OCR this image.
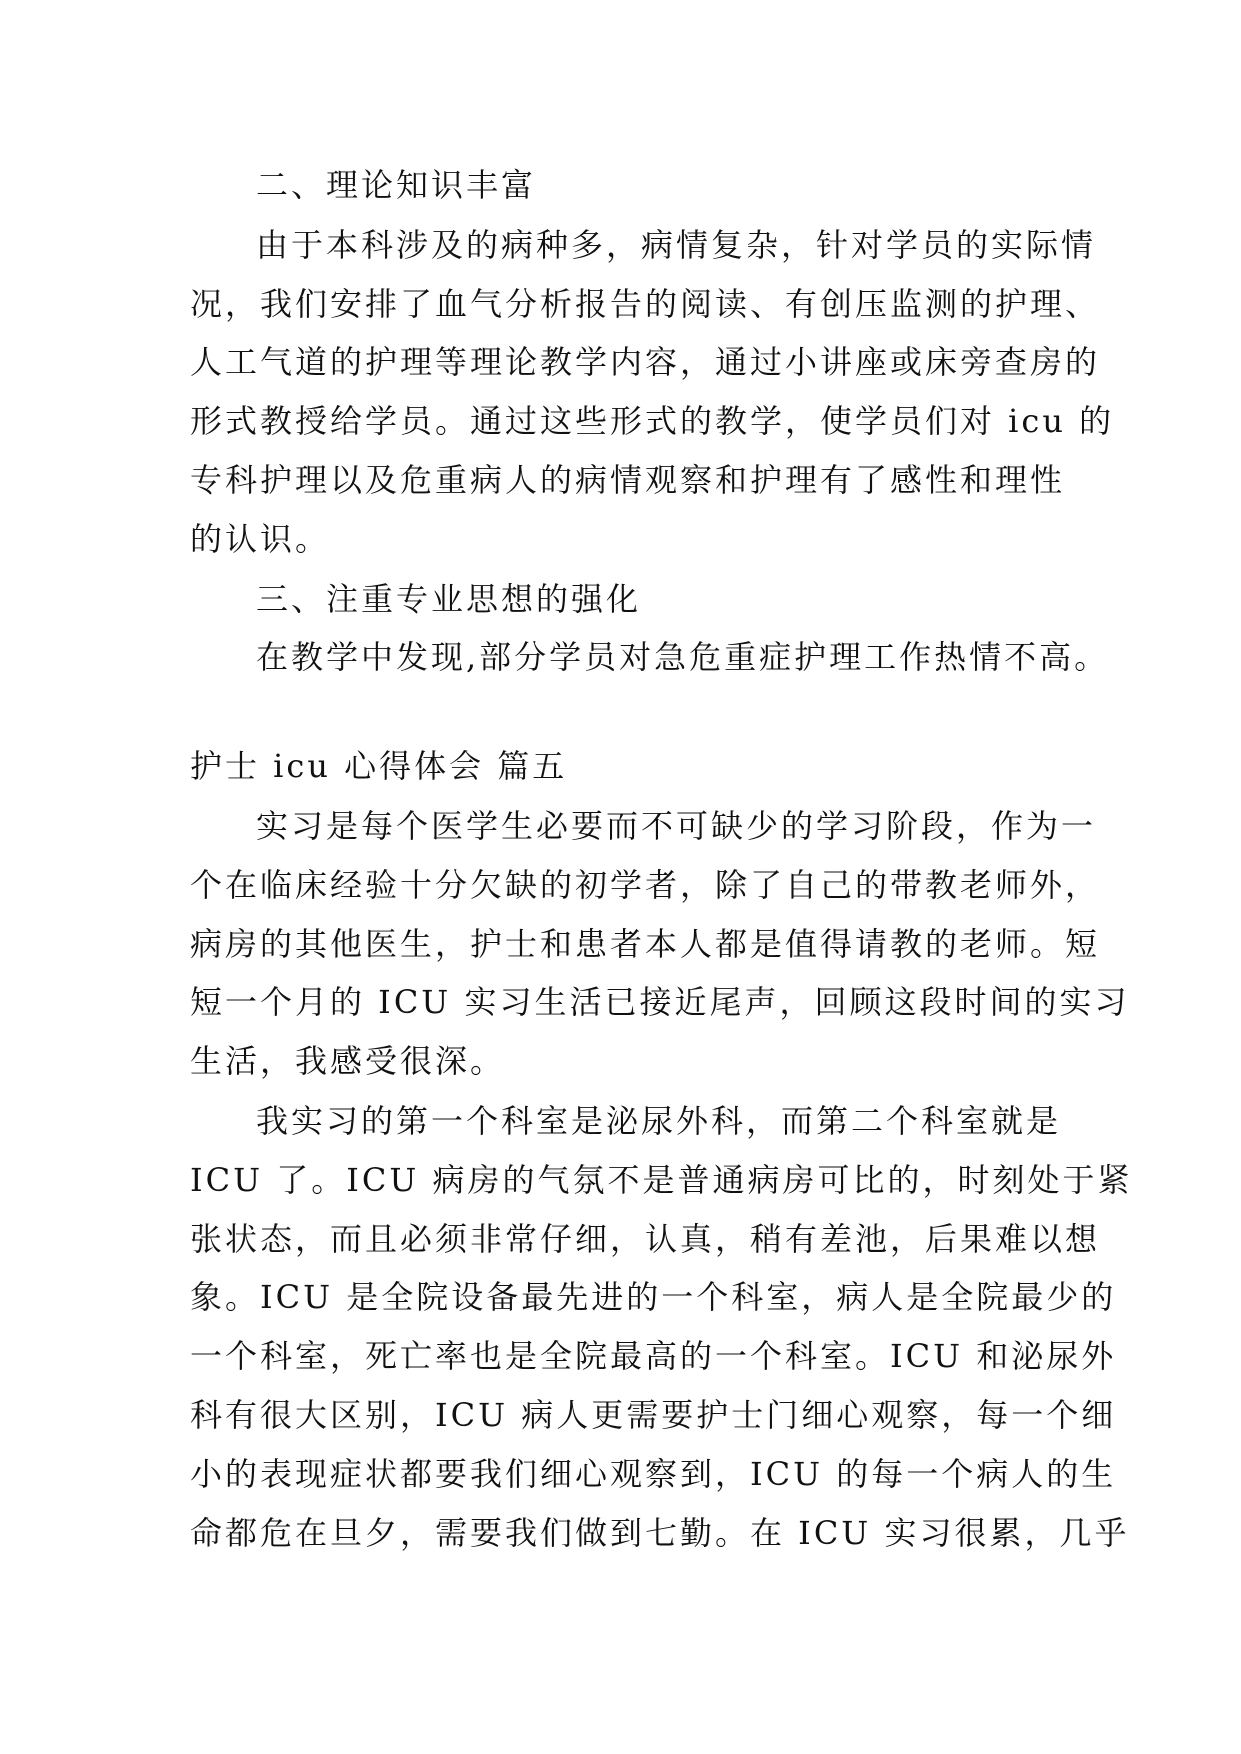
二、理论知识丰富
由于本科涉及的病种多，病情复杂，针对学员的实际情
况，我们安排了血气分析报告的阅读、有创压监测的护理、
人工气道的护理等理论教学内容，通过小讲座或床旁查房的
形式教授给学员。通过这些形式的教学，使学员们对 icu 的
专科护理以及危重病人的病情观察和护理有了感性和理性
的认识。
三、注重专业思想的强化
在教学中发现,部分学员对急危重症护理工作热情不高。
护士 icu 心得体会 篇五
实习是每个医学生必要而不可缺少的学习阶段，作为一
个在临床经验十分欠缺的初学者，除了自己的带教老师外，
病房的其他医生，护士和患者本人都是值得请教的老师。短
短一个月的 ICU 实习生活已接近尾声，回顾这段时间的实习
生活，我感受很深。
我实习的第一个科室是泌尿外科，而第二个科室就是
ICU 了。ICU 病房的气氛不是普通病房可比的，时刻处于紧
张状态，而且必须非常仔细，认真，稍有差池，后果难以想
象。ICU 是全院设备最先进的一个科室，病人是全院最少的
一个科室，死亡率也是全院最高的一个科室。ICU 和泌尿外
科有很大区别，ICU 病人更需要护士门细心观察，每一个细
小的表现症状都要我们细心观察到，ICU 的每一个病人的生
命都危在旦夕，需要我们做到七勤。在 ICU 实习很累，几乎
